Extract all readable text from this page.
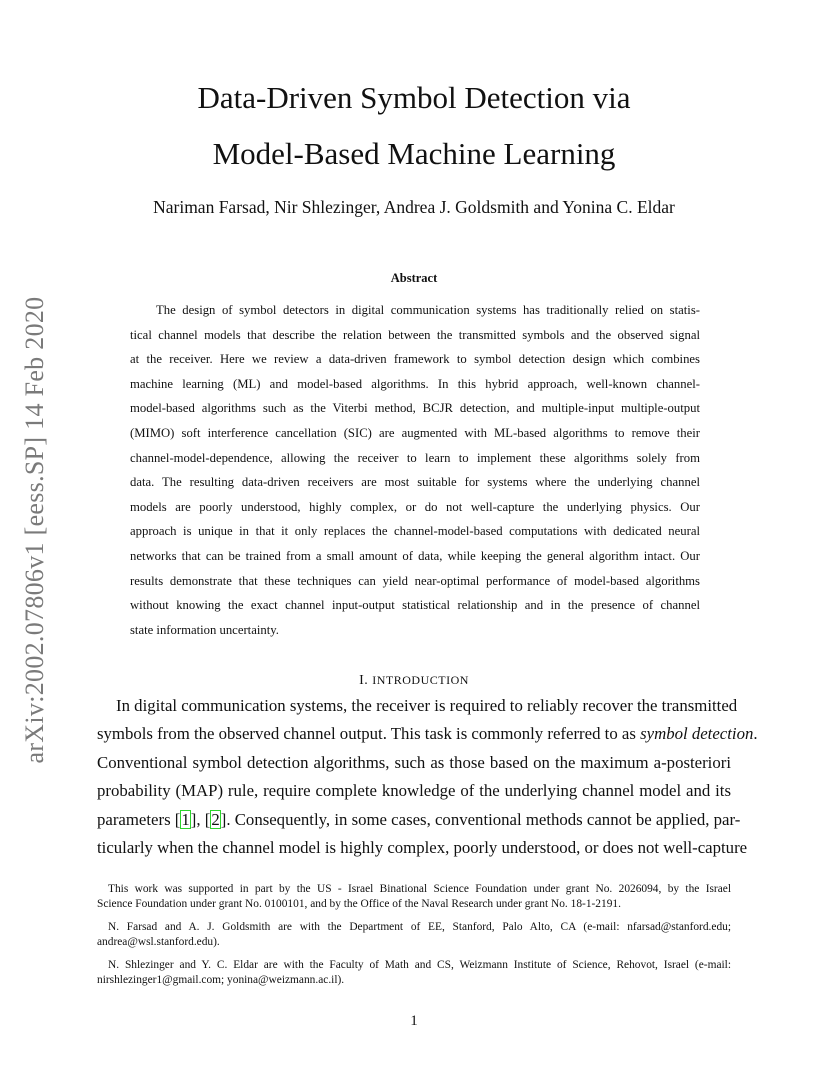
arXiv:2002.07806v1 [eess.SP] 14 Feb 2020
Data-Driven Symbol Detection via
Model-Based Machine Learning
Nariman Farsad, Nir Shlezinger, Andrea J. Goldsmith and Yonina C. Eldar
Abstract
The design of symbol detectors in digital communication systems has traditionally relied on statis-
tical channel models that describe the relation between the transmitted symbols and the observed signal
at the receiver. Here we review a data-driven framework to symbol detection design which combines
machine learning (ML) and model-based algorithms. In this hybrid approach, well-known channel-
model-based algorithms such as the Viterbi method, BCJR detection, and multiple-input multiple-output
(MIMO) soft interference cancellation (SIC) are augmented with ML-based algorithms to remove their
channel-model-dependence, allowing the receiver to learn to implement these algorithms solely from
data. The resulting data-driven receivers are most suitable for systems where the underlying channel
models are poorly understood, highly complex, or do not well-capture the underlying physics. Our
approach is unique in that it only replaces the channel-model-based computations with dedicated neural
networks that can be trained from a small amount of data, while keeping the general algorithm intact. Our
results demonstrate that these techniques can yield near-optimal performance of model-based algorithms
without knowing the exact channel input-output statistical relationship and in the presence of channel
state information uncertainty.
I. INTRODUCTION
In digital communication systems, the receiver is required to reliably recover the transmitted
symbols from the observed channel output. This task is commonly referred to as symbol detection.
Conventional symbol detection algorithms, such as those based on the maximum a-posteriori
probability (MAP) rule, require complete knowledge of the underlying channel model and its
parameters [1], [2]. Consequently, in some cases, conventional methods cannot be applied, par-
ticularly when the channel model is highly complex, poorly understood, or does not well-capture
This work was supported in part by the US - Israel Binational Science Foundation under grant No. 2026094, by the Israel
Science Foundation under grant No. 0100101, and by the Office of the Naval Research under grant No. 18-1-2191.
N. Farsad and A. J. Goldsmith are with the Department of EE, Stanford, Palo Alto, CA (e-mail: nfarsad@stanford.edu;
andrea@wsl.stanford.edu).
N. Shlezinger and Y. C. Eldar are with the Faculty of Math and CS, Weizmann Institute of Science, Rehovot, Israel (e-mail:
nirshlezinger1@gmail.com; yonina@weizmann.ac.il).
1
